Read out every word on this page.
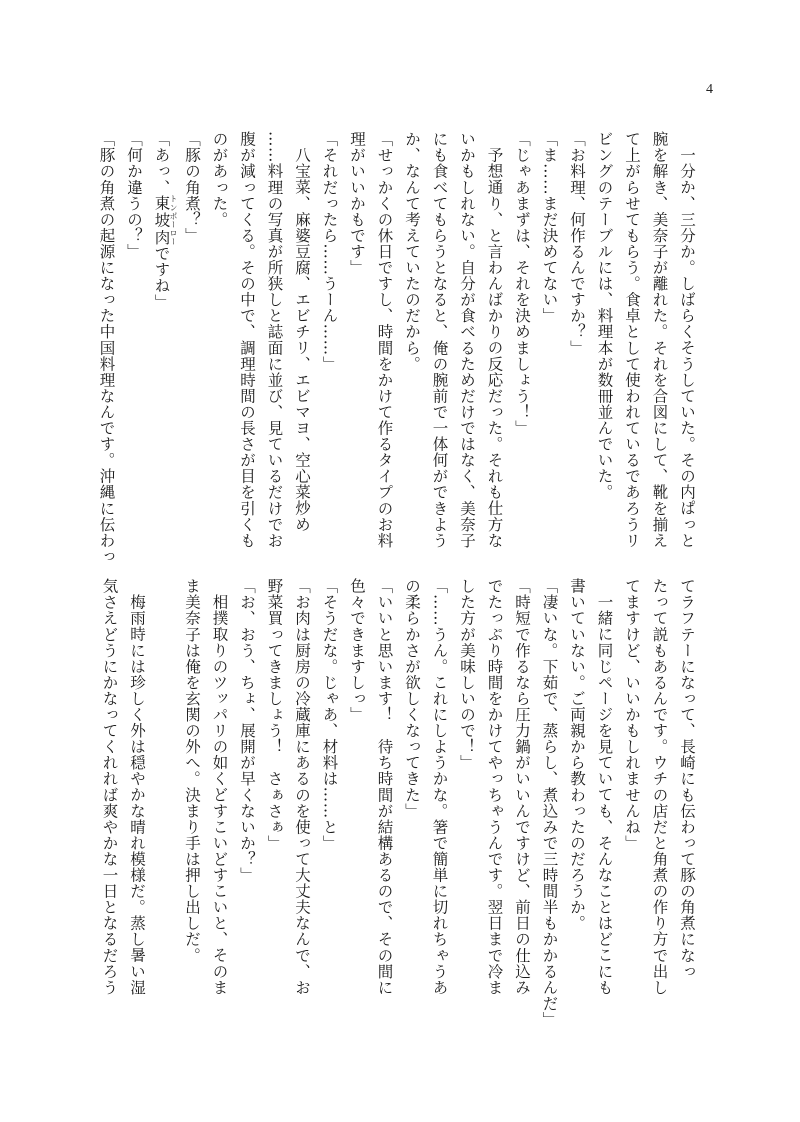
4
一分か、三分か。しばらくそうしていた。その内ぱっと
腕を解き、美奈子が離れた。それを合図にして、靴を揃え
て上がらせてもらう。食卓として使われているであろうリ
ビングのテーブルには、料理本が数冊並んでいた。
「お料理、何作るんですか？」
「ま……まだ決めてない」
「じゃあまずは、それを決めましょう！」
予想通り、と言わんばかりの反応だった。それも仕方な
いかもしれない。自分が食べるためだけではなく、美奈子
にも食べてもらうとなると、俺の腕前で一体何ができよう
か、なんて考えていたのだから。
「せっかくの休日ですし、時間をかけて作るタイプのお料
理がいいかもです」
「それだったら……うーん……」
八宝菜、麻婆豆腐、エビチリ、エビマヨ、空心菜炒め
……料理の写真が所狭しと誌面に並び、見ているだけでお
腹が減ってくる。その中で、調理時間の長さが目を引くも
のがあった。
「豚の角煮？」
「あっ、東坡肉トンポーローですね」
「何か違うの？」
「豚の角煮の起源になった中国料理なんです。沖縄に伝わっ
てラフテーになって、長崎にも伝わって豚の角煮になっ
たって説もあるんです。ウチの店だと角煮の作り方で出し
てますけど、いいかもしれませんね」
一緒に同じページを見ていても、そんなことはどこにも
書いていない。ご両親から教わったのだろうか。
「凄いな。下茹で、蒸らし、煮込みで三時間半もかかるんだ」
「時短で作るなら圧力鍋がいいんですけど、前日の仕込み
でたっぷり時間をかけてやっちゃうんです。翌日まで冷ま
した方が美味しいので！」
「……うん。これにしようかな。箸で簡単に切れちゃうあ
の柔らかさが欲しくなってきた」
「いいと思います！　待ち時間が結構あるので、その間に
色々できますしっ」
「そうだな。じゃあ、材料は……と」
「お肉は厨房の冷蔵庫にあるのを使って大丈夫なんで、お
野菜買ってきましょう！　さぁさぁ」
「お、おう、ちょ、展開が早くないか？」
相撲取りのツッパリの如くどすこいどすこいと、そのま
ま美奈子は俺を玄関の外へ。決まり手は押し出しだ。

梅雨時には珍しく外は穏やかな晴れ模様だ。蒸し暑い湿
気さえどうにかなってくれれば爽やかな一日となるだろう
